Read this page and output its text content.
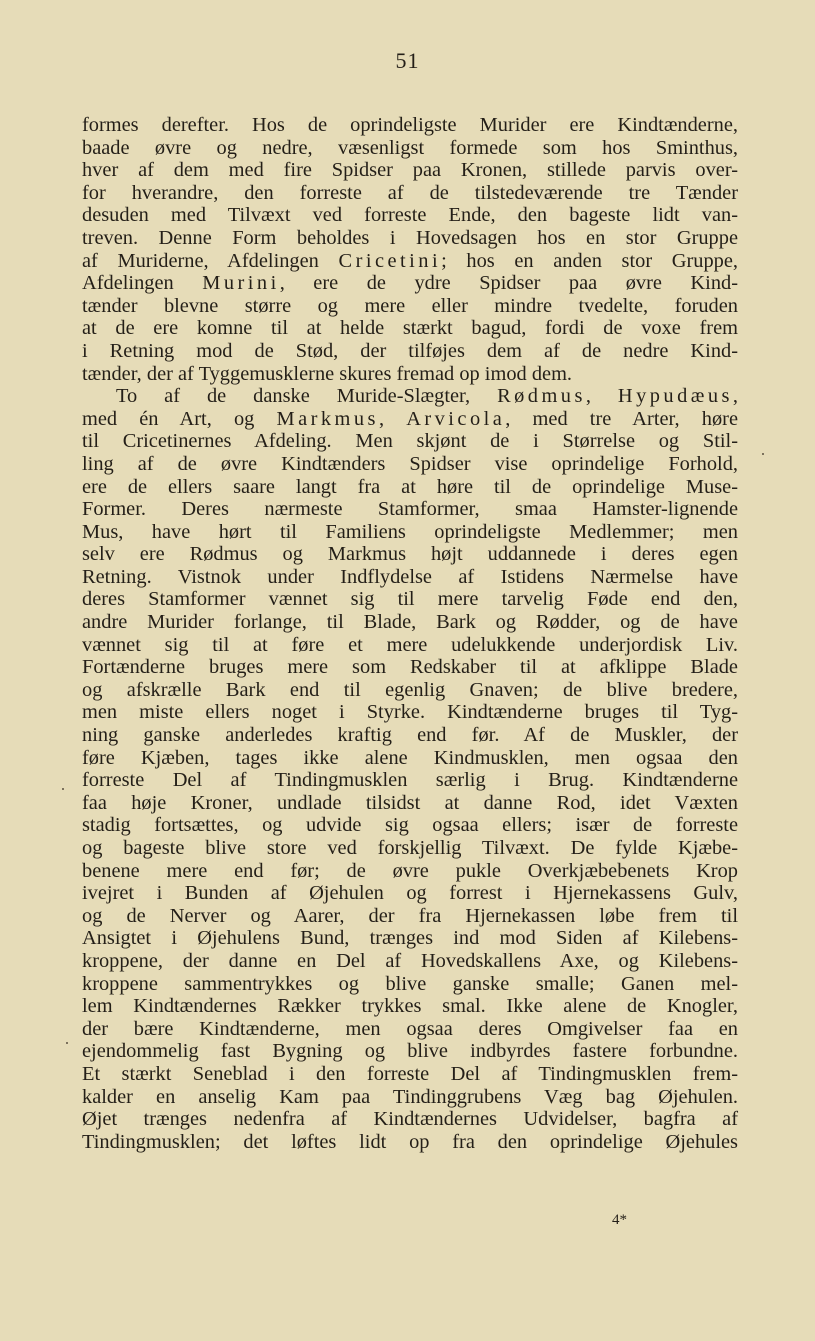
51
formes derefter. Hos de oprindeligste Murider ere Kindtænderne,
baade øvre og nedre, væsenligst formede som hos Sminthus,
hver af dem med fire Spidser paa Kronen, stillede parvis over-
for hverandre, den forreste af de tilstedeværende tre Tænder
desuden med Tilvæxt ved forreste Ende, den bageste lidt van-
treven. Denne Form beholdes i Hovedsagen hos en stor Gruppe
af Muriderne, Afdelingen Cricetini; hos en anden stor Gruppe,
Afdelingen Murini, ere de ydre Spidser paa øvre Kind-
tænder blevne større og mere eller mindre tvedelte, foruden
at de ere komne til at helde stærkt bagud, fordi de voxe frem
i Retning mod de Stød, der tilføjes dem af de nedre Kind-
tænder, der af Tyggemusklerne skures fremad op imod dem.
To af de danske Muride-Slægter, Rødmus, Hypudæus,
med én Art, og Markmus, Arvicola, med tre Arter, høre
til Cricetinernes Afdeling. Men skjønt de i Størrelse og Stil-
ling af de øvre Kindtænders Spidser vise oprindelige Forhold,
ere de ellers saare langt fra at høre til de oprindelige Muse-
Former. Deres nærmeste Stamformer, smaa Hamster-lignende
Mus, have hørt til Familiens oprindeligste Medlemmer; men
selv ere Rødmus og Markmus højt uddannede i deres egen
Retning. Vistnok under Indflydelse af Istidens Nærmelse have
deres Stamformer vænnet sig til mere tarvelig Føde end den,
andre Murider forlange, til Blade, Bark og Rødder, og de have
vænnet sig til at føre et mere udelukkende underjordisk Liv.
Fortænderne bruges mere som Redskaber til at afklippe Blade
og afskrælle Bark end til egenlig Gnaven; de blive bredere,
men miste ellers noget i Styrke. Kindtænderne bruges til Tyg-
ning ganske anderledes kraftig end før. Af de Muskler, der
føre Kjæben, tages ikke alene Kindmusklen, men ogsaa den
forreste Del af Tindingmusklen særlig i Brug. Kindtænderne
faa høje Kroner, undlade tilsidst at danne Rod, idet Væxten
stadig fortsættes, og udvide sig ogsaa ellers; især de forreste
og bageste blive store ved forskjellig Tilvæxt. De fylde Kjæbe-
benene mere end før; de øvre pukle Overkjæbebenets Krop
ivejret i Bunden af Øjehulen og forrest i Hjernekassens Gulv,
og de Nerver og Aarer, der fra Hjernekassen løbe frem til
Ansigtet i Øjehulens Bund, trænges ind mod Siden af Kilebens-
kroppene, der danne en Del af Hovedskallens Axe, og Kilebens-
kroppene sammentrykkes og blive ganske smalle; Ganen mel-
lem Kindtændernes Rækker trykkes smal. Ikke alene de Knogler,
der bære Kindtænderne, men ogsaa deres Omgivelser faa en
ejendommelig fast Bygning og blive indbyrdes fastere forbundne.
Et stærkt Seneblad i den forreste Del af Tindingmusklen frem-
kalder en anselig Kam paa Tindinggrubens Væg bag Øjehulen.
Øjet trænges nedenfra af Kindtændernes Udvidelser, bagfra af
Tindingmusklen; det løftes lidt op fra den oprindelige Øjehules
4*
